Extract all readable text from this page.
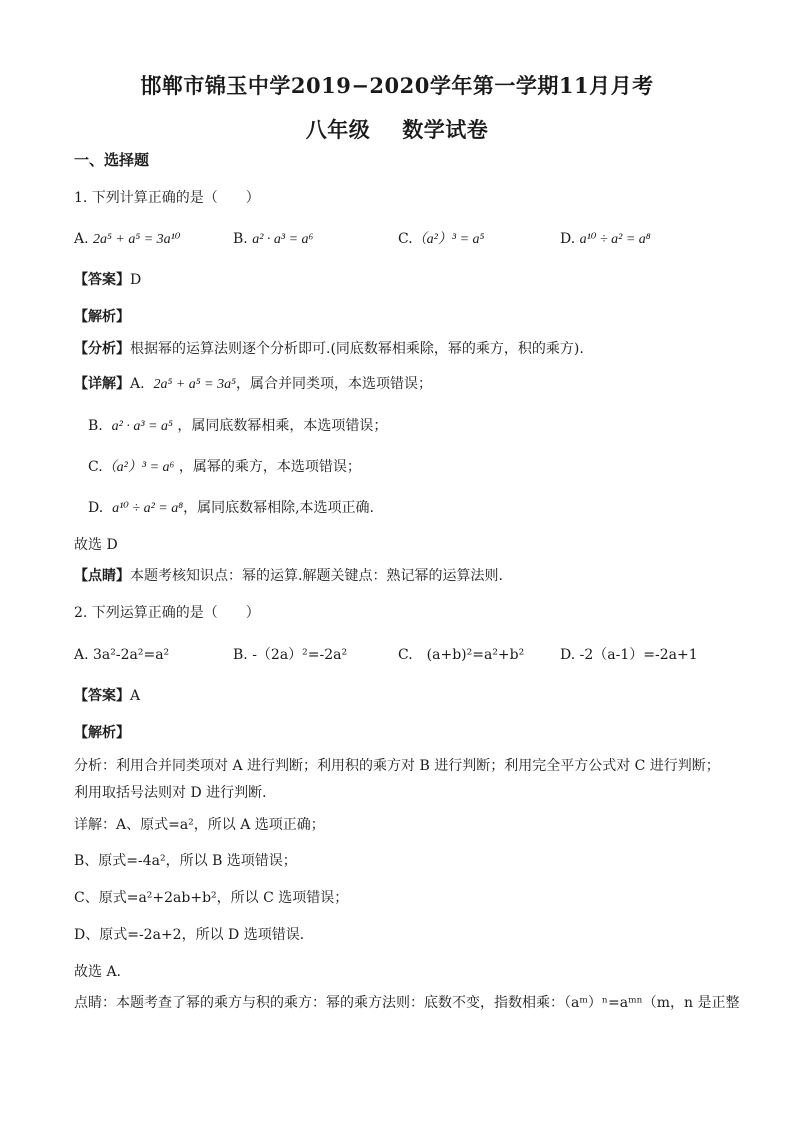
邯郸市锦玉中学2019−2020学年第一学期11月月考
八年级 数学试卷
一、选择题
1. 下列计算正确的是（　　）
A. 2a⁵ + a⁵ = 3a¹⁰	B. a² · a³ = a⁶	C.（a²）³ = a⁵	D. a¹⁰ ÷ a² = a⁸
【答案】D
【解析】
【分析】根据幂的运算法则逐个分析即可.(同底数幂相乘除，幂的乘方，积的乘方).
【详解】A. 2a⁵ + a⁵ = 3a⁵，属合并同类项，本选项错误；
B. a² · a³ = a⁵ ，属同底数幂相乘，本选项错误；
C.（a²）³ = a⁶ ，属幂的乘方，本选项错误；
D. a¹⁰ ÷ a² = a⁸，属同底数幂相除,本选项正确.
故选 D
【点睛】本题考核知识点：幂的运算.解题关键点：熟记幂的运算法则.
2. 下列运算正确的是（　　）
A. 3a²-2a²=a²	B. -（2a）²=-2a²	C.　(a+b)²=a²+b²	D. -2（a-1）=-2a+1
【答案】A
【解析】
分析：利用合并同类项对 A 进行判断；利用积的乘方对 B 进行判断；利用完全平方公式对 C 进行判断；利用取括号法则对 D 进行判断．
详解：A、原式=a²，所以 A 选项正确；
B、原式=-4a²，所以 B 选项错误；
C、原式=a²+2ab+b²，所以 C 选项错误；
D、原式=-2a+2，所以 D 选项错误．
故选 A.
点睛：本题考查了幂的乘方与积的乘方：幂的乘方法则：底数不变，指数相乘：（aᵐ）ⁿ=aᵐⁿ（m，n 是正整
